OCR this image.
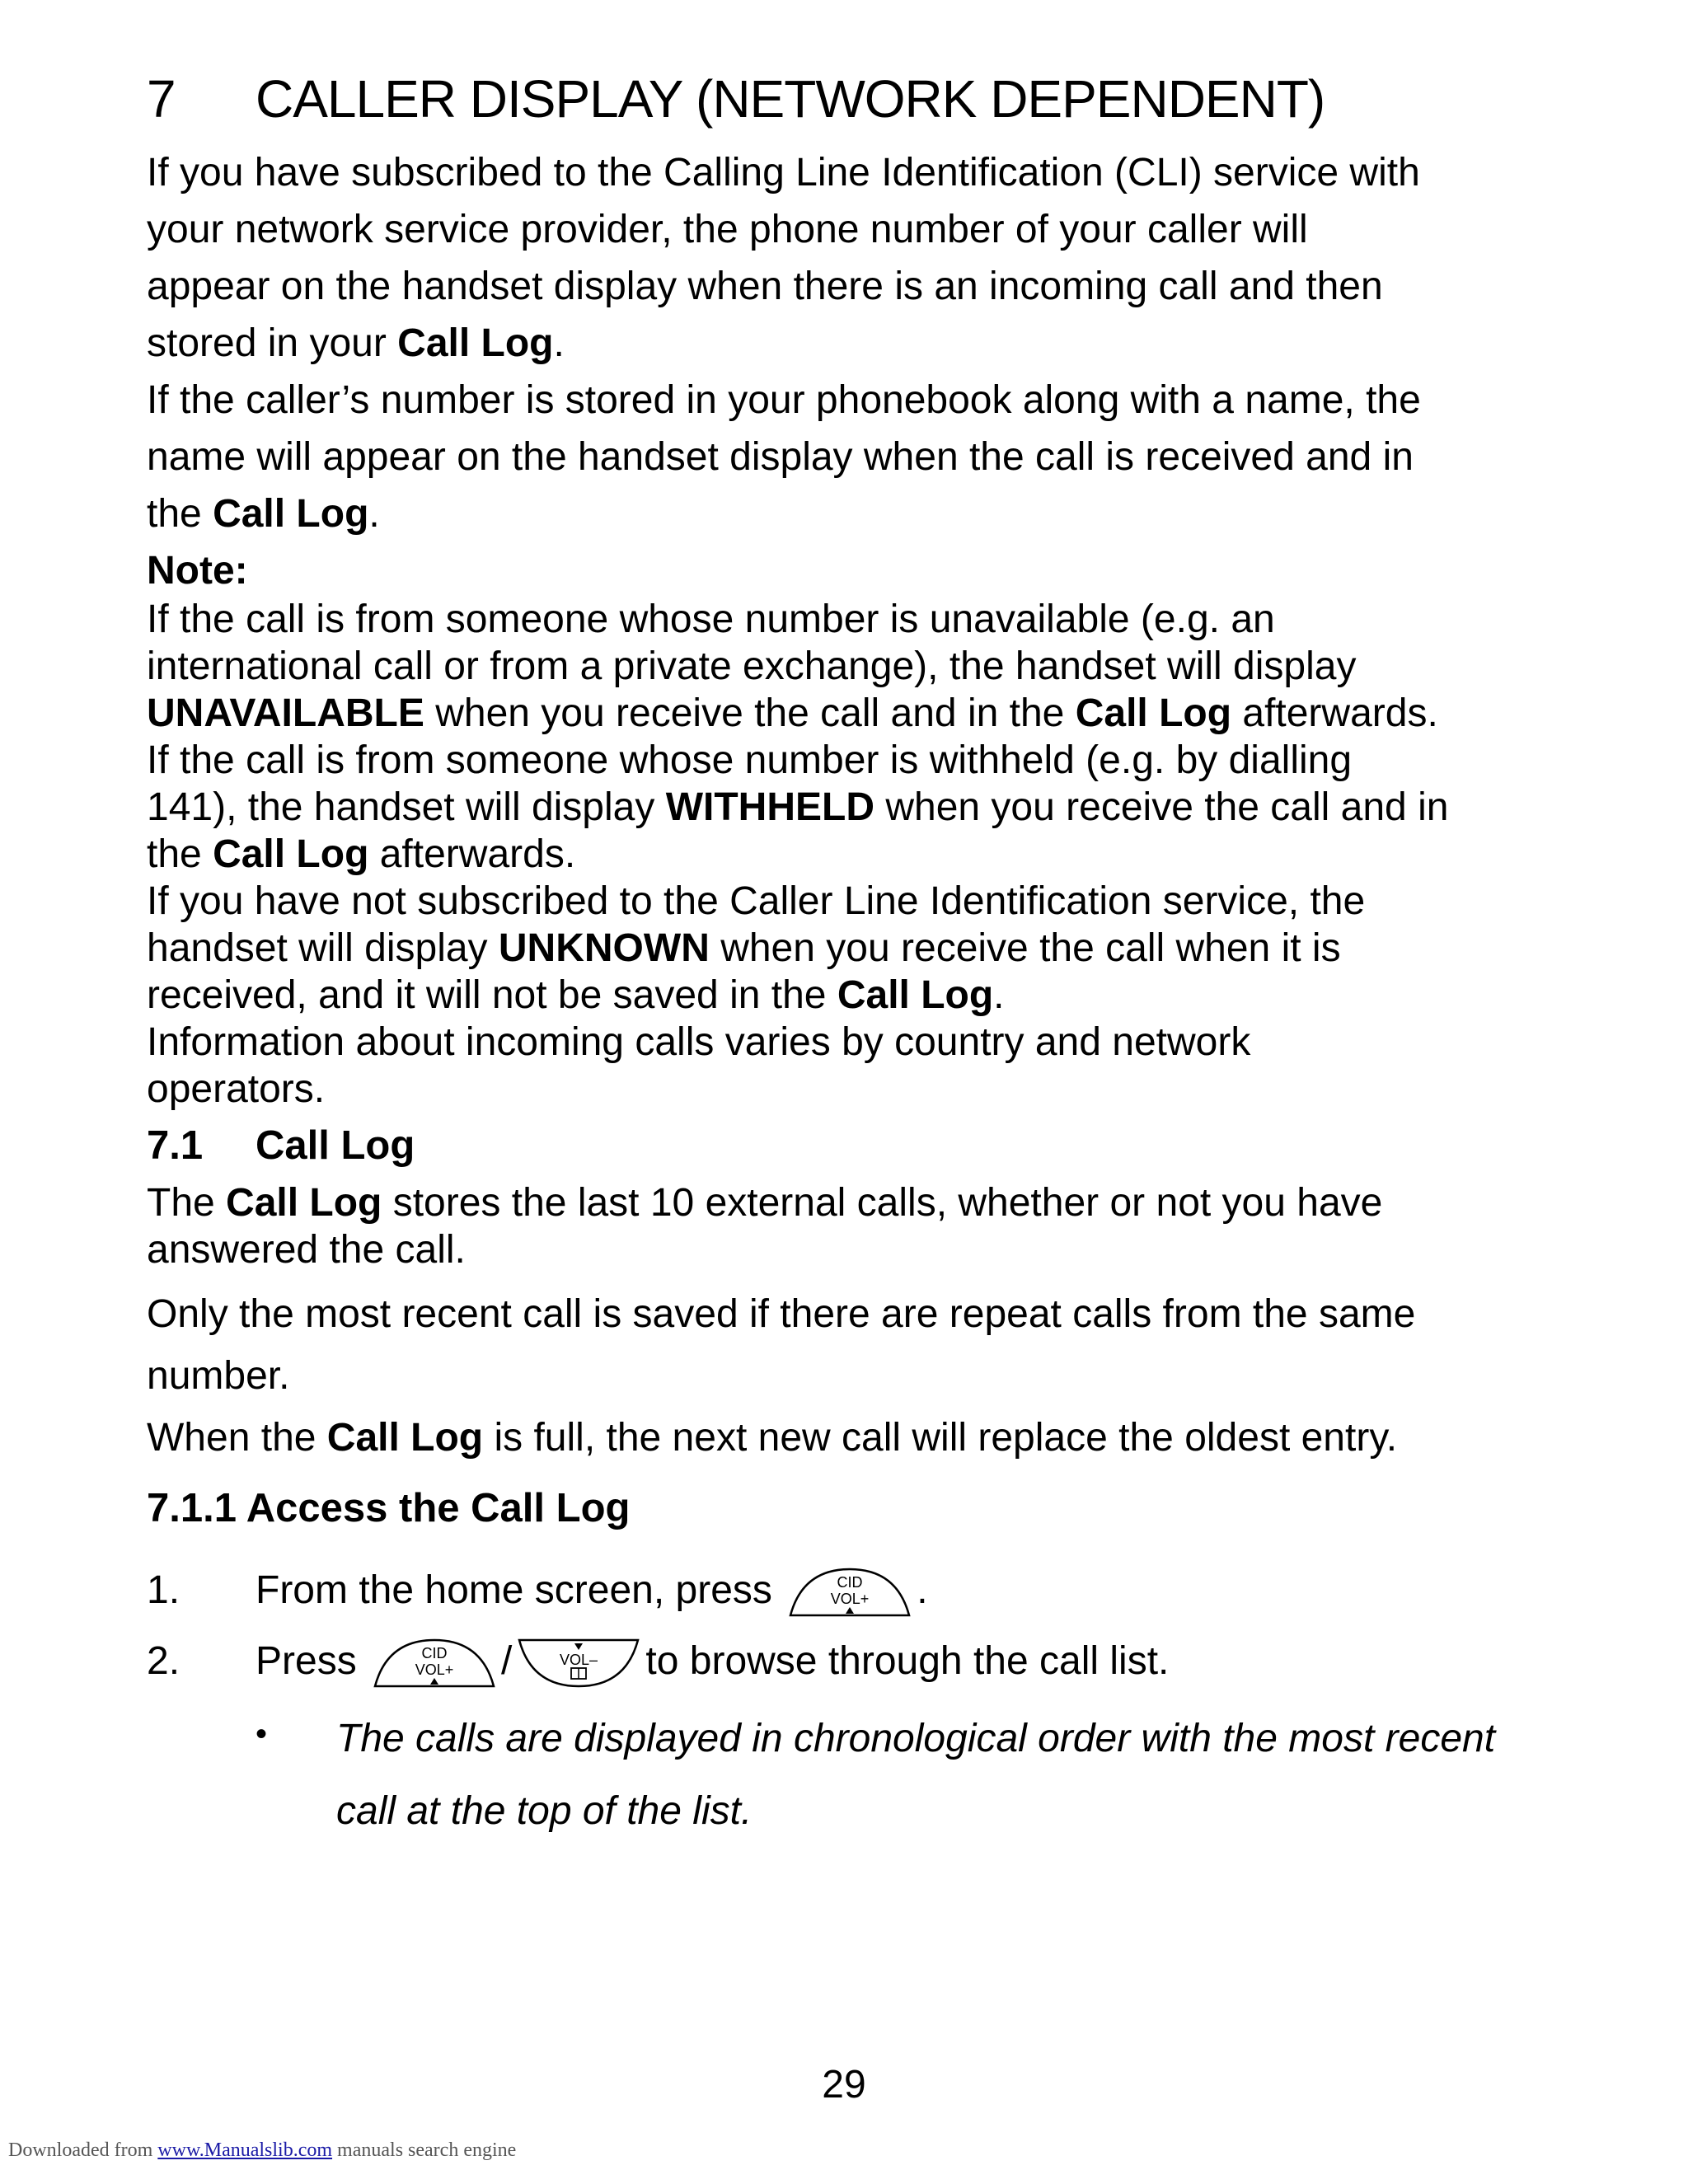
7 CALLER DISPLAY (NETWORK DEPENDENT)
If you have subscribed to the Calling Line Identification (CLI) service with
your network service provider, the phone number of your caller will
appear on the handset display when there is an incoming call and then
stored in your Call Log.
If the caller’s number is stored in your phonebook along with a name, the
name will appear on the handset display when the call is received and in
the Call Log.
Note:
If the call is from someone whose number is unavailable (e.g. an
international call or from a private exchange), the handset will display
UNAVAILABLE when you receive the call and in the Call Log afterwards.
If the call is from someone whose number is withheld (e.g. by dialling
141), the handset will display WITHHELD when you receive the call and in
the Call Log afterwards.
If you have not subscribed to the Caller Line Identification service, the
handset will display UNKNOWN when you receive the call when it is
received, and it will not be saved in the Call Log.
Information about incoming calls varies by country and network
operators.
7.1 Call Log
The Call Log stores the last 10 external calls, whether or not you have
answered the call.
Only the most recent call is saved if there are repeat calls from the same
number.
When the Call Log is full, the next new call will replace the oldest entry.
7.1.1 Access the Call Log
1. From the home screen, press	CID
VOL+ .
2. Press	CID
VOL+ /	VOL– to browse through the call list.
• The calls are displayed in chronological order with the most recent call at the top of the list.
29
Downloaded from www.Manualslib.com manuals search engine
